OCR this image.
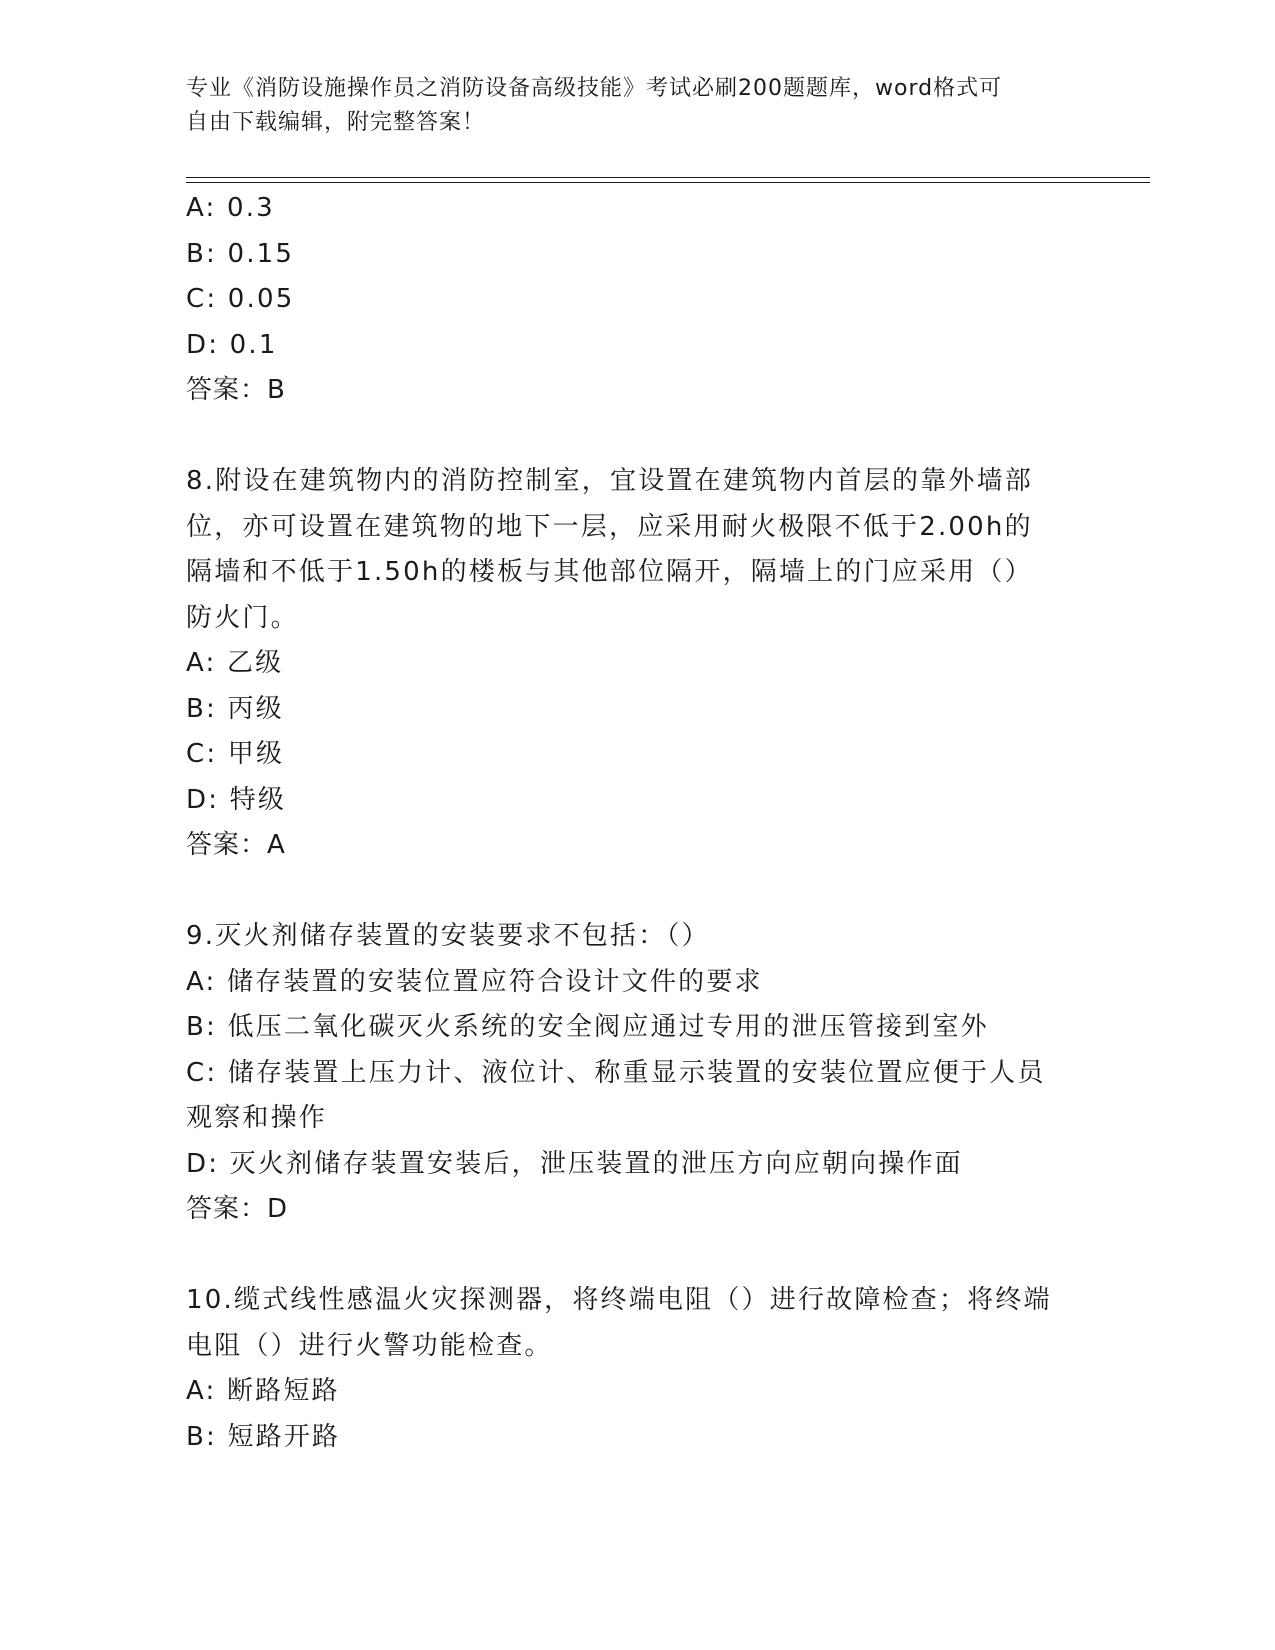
专业《消防设施操作员之消防设备高级技能》考试必刷200题题库，word格式可
自由下载编辑，附完整答案！
A: 0.3
B: 0.15
C: 0.05
D: 0.1
答案：B
8.附设在建筑物内的消防控制室，宜设置在建筑物内首层的靠外墙部
位，亦可设置在建筑物的地下一层，应采用耐火极限不低于2.00h的
隔墙和不低于1.50h的楼板与其他部位隔开，隔墙上的门应采用（）
防火门。
A: 乙级
B: 丙级
C: 甲级
D: 特级
答案：A
9.灭火剂储存装置的安装要求不包括：（）
A: 储存装置的安装位置应符合设计文件的要求
B: 低压二氧化碳灭火系统的安全阀应通过专用的泄压管接到室外
C: 储存装置上压力计、液位计、称重显示装置的安装位置应便于人员
观察和操作
D: 灭火剂储存装置安装后，泄压装置的泄压方向应朝向操作面
答案：D
10.缆式线性感温火灾探测器，将终端电阻（）进行故障检查；将终端
电阻（）进行火警功能检查。
A: 断路短路
B: 短路开路
